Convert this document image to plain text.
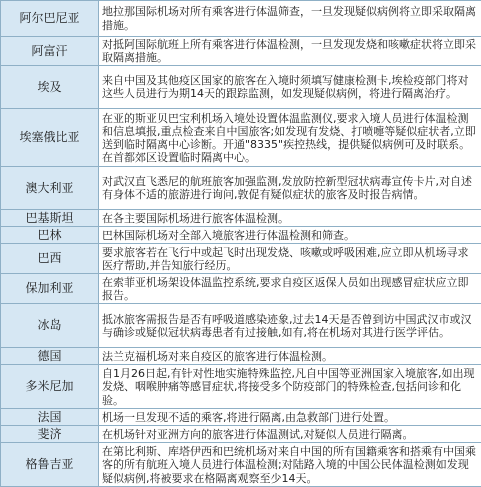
阿尔巴尼亚	地拉那国际机场对所有乘客进行体温筛查，一旦发现疑似病例将立即采取隔离措施。
阿富汗	对抵阿国际航班上所有乘客进行体温检测，一旦发现发烧和咳嗽症状将立即采取隔离措施。
埃及	来自中国及其他疫区国家的旅客在入境时须填写健康检测卡,埃检疫部门将对这些人员进行为期14天的跟踪监测，如发现疑似病例，将进行隔离治疗。
埃塞俄比亚	在亚的斯亚贝巴宝利机场入境处设置体温监测仪,要求入境人员进行体温检测和信息填报,重点检查来自中国旅客;如发现有发烧、打喷嚏等疑似症状者,立即送到临时隔离中心诊断。开通"8335"疾控热线，提供疑似病例可及时联系。在首都郊区设置临时隔离中心。
澳大利亚	对武汉直飞悉尼的航班旅客加强监测,发放防控新型冠状病毒宣传卡片,对自述有身体不适的旅游进行询问,敦促有疑似症状的旅客及时报告病情。
巴基斯坦	在各主要国际机场进行旅客体温检测。
巴林	巴林国际机场对全部入境旅客进行体温检测和筛查。
巴西	要求旅客若在飞行中或起飞时出现发烧、咳嗽或呼吸困难,应立即从机场寻求医疗帮助,并告知旅行经历。
保加利亚	在索菲亚机场架设体温监控系统,要求自疫区返保人员如出现感冒症状应立即报告。
冰岛	抵冰旅客需报告是否有呼吸道感染迹象,过去14天是否曾到访中国武汉市或汉与确诊或疑似冠状病毒患者有过接触,如有,将在机场对其进行医学评估。
德国	法兰克福机场对来自疫区的旅客进行体温检测。
多米尼加	自1月26日起,有针对性地实施特殊监控,凡自中国等亚洲国家入境旅客,如出现发烧、咽喉肿痛等感冒症状,将接受多个防疫部门的特殊检查,包括问诊和化验。
法国	机场一旦发现不适的乘客,将进行隔离,由急救部门进行处置。
斐济	在机场针对亚洲方向的旅客进行体温测试,对疑似人员进行隔离。
格鲁吉亚	在第比利斯、库塔伊西和巴统机场对来自中国的所有国籍乘客和搭乘有中国乘客的所有航班入境人员进行体温检测;对陆路入境的中国公民体温检测如发现疑似病例,将被要求在格隔离观察至少14天。
